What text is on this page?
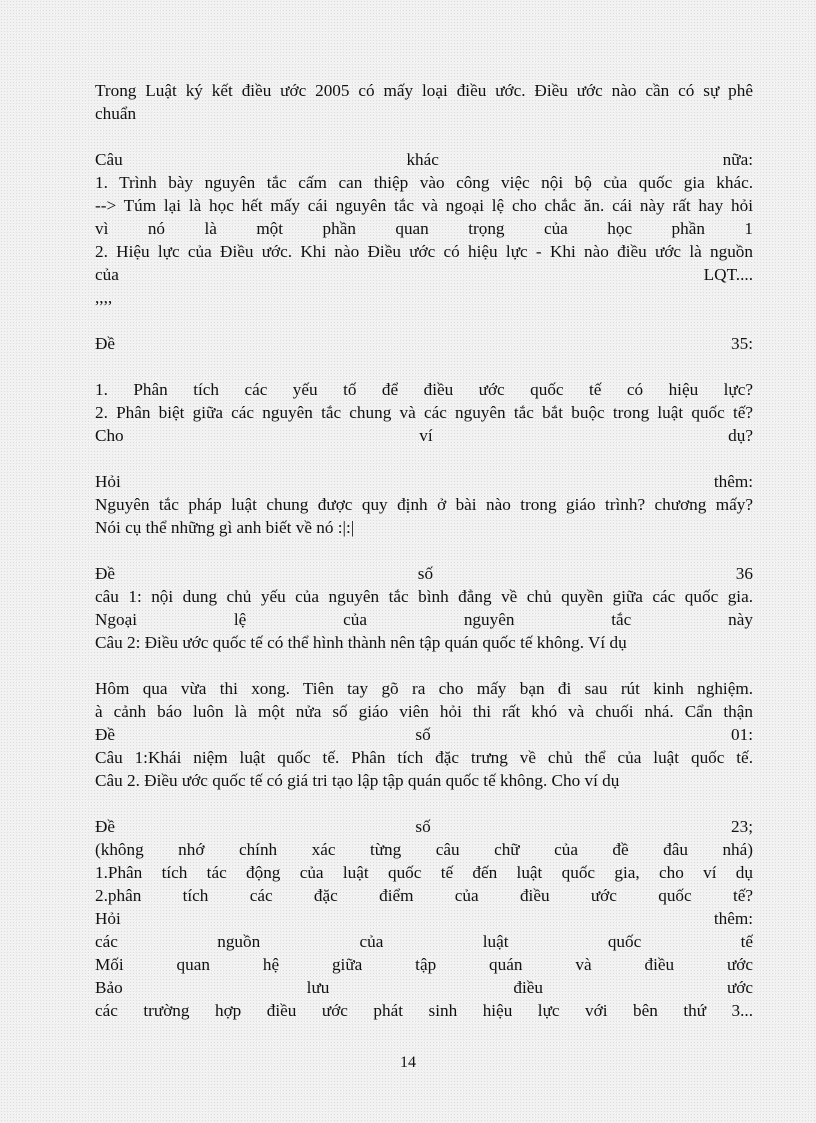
Trong Luật ký kết điều ước 2005 có mấy loại điều ước. Điều ước nào cần có sự phê
chuẩn
Câu khác nữa:
1. Trình bày nguyên tắc cấm can thiệp vào công việc nội bộ của quốc gia khác.
--> Túm lại là học hết mấy cái nguyên tắc và ngoại lệ cho chắc ăn. cái này rất hay hỏi
vì nó là một phần quan trọng của học phần 1
2. Hiệu lực của Điều ước. Khi nào Điều ước có hiệu lực - Khi nào điều ước là nguồn
của LQT....
,,,,
Đề 35:
1. Phân tích các yếu tố để điều ước quốc tế có hiệu lực?
2. Phân biệt giữa các nguyên tắc chung và các nguyên tắc bắt buộc trong luật quốc tế?
Cho ví dụ?
Hỏi thêm:
Nguyên tắc pháp luật chung được quy định ở bài nào trong giáo trình? chương mấy?
Nói cụ thể những gì anh biết về nó :|:|
Đề số 36
câu 1: nội dung chủ yếu của nguyên tắc bình đẳng về chủ quyền giữa các quốc gia.
Ngoại lệ của nguyên tắc này
Câu 2: Điều ước quốc tế có thể hình thành nên tập quán quốc tế không. Ví dụ
Hôm qua vừa thi xong. Tiên tay gõ ra cho mấy bạn đi sau rút kinh nghiệm.
à cảnh báo luôn là một nửa số giáo viên hỏi thi rất khó và chuối nhá. Cẩn thận
Đề số 01:
Câu 1:Khái niệm luật quốc tế. Phân tích đặc trưng về chủ thể của luật quốc tế.
Câu 2. Điều ước quốc tế có giá tri tạo lập tập quán quốc tế không. Cho ví dụ
Đề số 23;
(không nhớ chính xác từng câu chữ của đề đâu nhá)
1.Phân tích tác động của luật quốc tế đến luật quốc gia, cho ví dụ
2.phân tích các đặc điểm của điều ước quốc tế?
Hỏi thêm:
các nguồn của luật quốc tế
Mối quan hệ giữa tập quán và điều ước
Bảo lưu điều ước
các trường hợp điều ước phát sinh hiệu lực với bên thứ 3...
14
